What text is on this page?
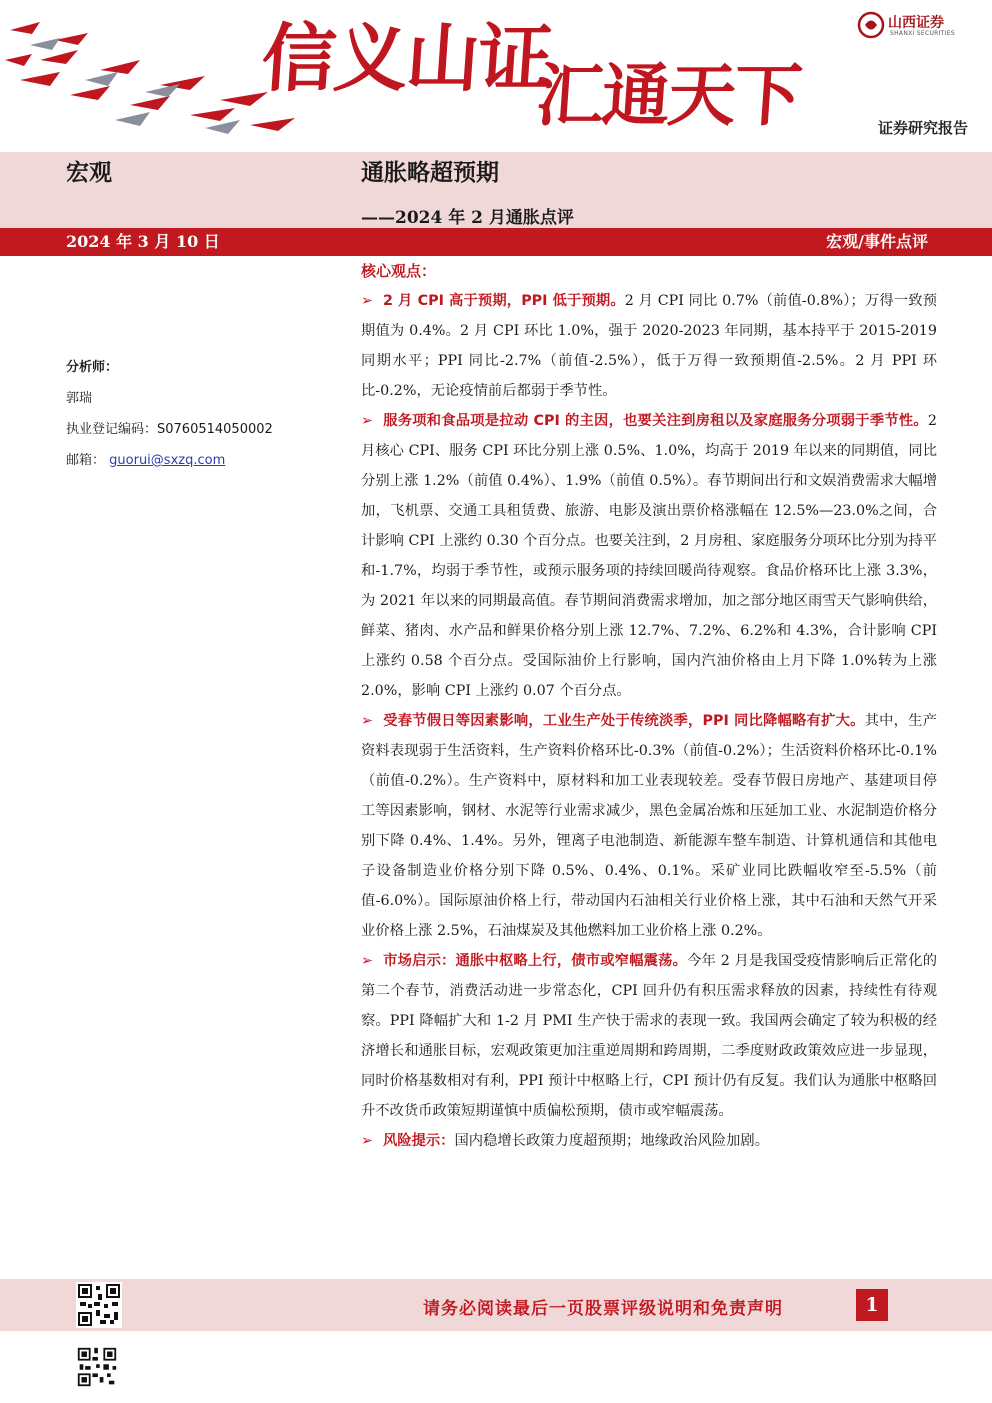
信义山证
汇通天下
山西证券
SHANXI SECURITIES
证券研究报告
宏观	通胀略超预期
——2024 年 2 月通胀点评
2024 年 3 月 10 日	宏观/事件点评
分析师：
郭瑞
执业登记编码：S0760514050002
邮箱： guorui@sxzq.com
核心观点：

➢ 2 月 CPI 高于预期，PPI 低于预期。2 月 CPI 同比 0.7%（前值-0.8%）；万得一致预期值为 0.4%。2 月 CPI 环比 1.0%，强于 2020-2023 年同期，基本持平于 2015-2019 同期水平；PPI 同比-2.7%（前值-2.5%），低于万得一致预期值-2.5%。2 月 PPI 环比-0.2%，无论疫情前后都弱于季节性。

➢ 服务项和食品项是拉动 CPI 的主因，也要关注到房租以及家庭服务分项弱于季节性。2 月核心 CPI、服务 CPI 环比分别上涨 0.5%、1.0%，均高于 2019 年以来的同期值，同比分别上涨 1.2%（前值 0.4%）、1.9%（前值 0.5%）。春节期间出行和文娱消费需求大幅增加，飞机票、交通工具租赁费、旅游、电影及演出票价格涨幅在 12.5%—23.0%之间，合计影响 CPI 上涨约 0.30 个百分点。也要关注到，2 月房租、家庭服务分项环比分别为持平和-1.7%，均弱于季节性，或预示服务项的持续回暖尚待观察。食品价格环比上涨 3.3%，为 2021 年以来的同期最高值。春节期间消费需求增加，加之部分地区雨雪天气影响供给，鲜菜、猪肉、水产品和鲜果价格分别上涨 12.7%、7.2%、6.2%和 4.3%，合计影响 CPI 上涨约 0.58 个百分点。受国际油价上行影响，国内汽油价格由上月下降 1.0%转为上涨 2.0%，影响 CPI 上涨约 0.07 个百分点。

➢ 受春节假日等因素影响，工业生产处于传统淡季，PPI 同比降幅略有扩大。其中，生产资料表现弱于生活资料，生产资料价格环比-0.3%（前值-0.2%）；生活资料价格环比-0.1%（前值-0.2%）。生产资料中，原材料和加工业表现较差。受春节假日房地产、基建项目停工等因素影响，钢材、水泥等行业需求减少，黑色金属冶炼和压延加工业、水泥制造价格分别下降 0.4%、1.4%。另外，锂离子电池制造、新能源车整车制造、计算机通信和其他电子设备制造业价格分别下降 0.5%、0.4%、0.1%。采矿业同比跌幅收窄至-5.5%（前值-6.0%）。国际原油价格上行，带动国内石油相关行业价格上涨，其中石油和天然气开采业价格上涨 2.5%，石油煤炭及其他燃料加工业价格上涨 0.2%。

➢ 市场启示：通胀中枢略上行，债市或窄幅震荡。今年 2 月是我国受疫情影响后正常化的第二个春节，消费活动进一步常态化，CPI 回升仍有积压需求释放的因素，持续性有待观察。PPI 降幅扩大和 1-2 月 PMI 生产快于需求的表现一致。我国两会确定了较为积极的经济增长和通胀目标，宏观政策更加注重逆周期和跨周期，二季度财政政策效应进一步显现，同时价格基数相对有利，PPI 预计中枢略上行，CPI 预计仍有反复。我们认为通胀中枢略回升不改货币政策短期谨慎中质偏松预期，债市或窄幅震荡。

➢ 风险提示：国内稳增长政策力度超预期；地缘政治风险加剧。

请务必阅读最后一页股票评级说明和免责声明	1
